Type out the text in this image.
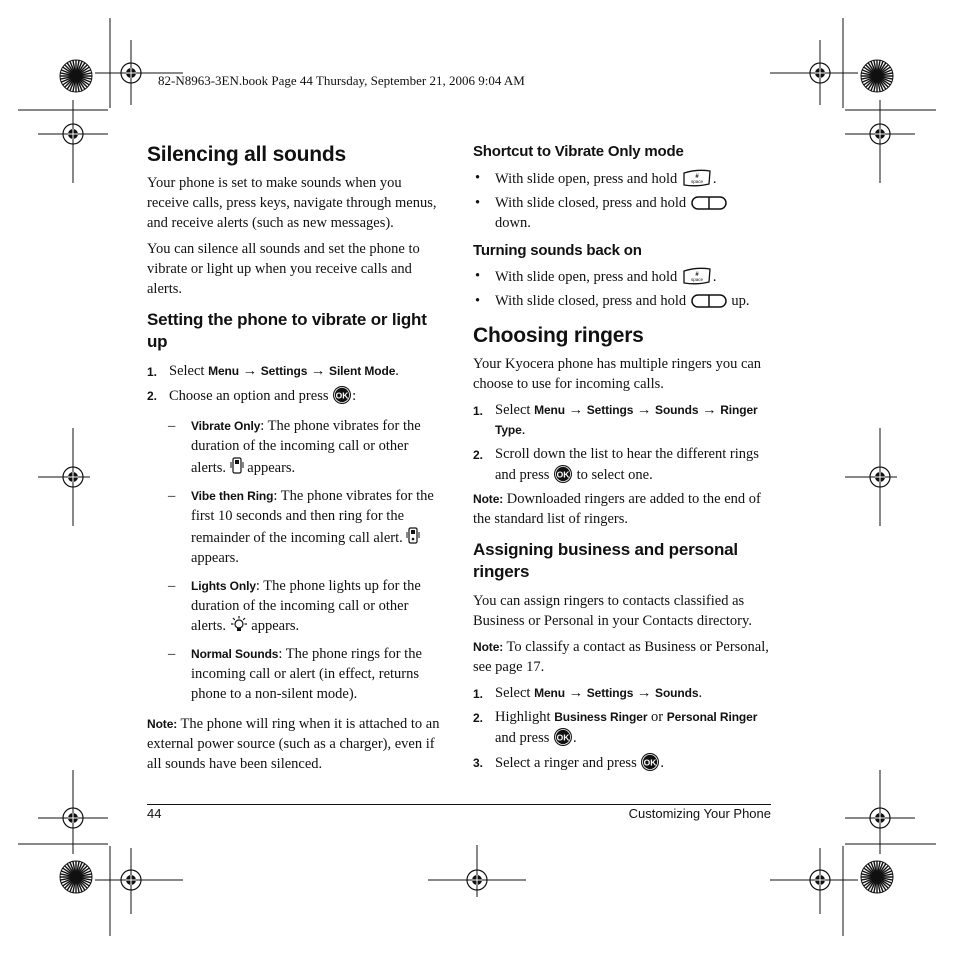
82-N8963-3EN.book Page 44 Thursday, September 21, 2006 9:04 AM
Silencing all sounds

Your phone is set to make sounds when you receive calls, press keys, navigate through menus, and receive alerts (such as new messages).

You can silence all sounds and set the phone to vibrate or light up when you receive calls and alerts.

Setting the phone to vibrate or light up
1. Select Menu → Settings → Silent Mode.
2. Choose an option and press OK :
– Vibrate Only: The phone vibrates for the duration of the incoming call or other alerts.  appears.
– Vibe then Ring: The phone vibrates for the first 10 seconds and then ring for the remainder of the incoming call alert.
appears.
– Lights Only: The phone lights up for the duration of the incoming call or other alerts.  appears.
– Normal Sounds: The phone rings for the incoming call or alert (in effect, returns phone to a non-silent mode).

Note: The phone will ring when it is attached to an external power source (such as a charger), even if all sounds have been silenced.

Shortcut to Vibrate Only mode
• With slide open, press and hold	#
space .
• With slide closed, press and hold
down.
Turning sounds back on
• With slide open, press and hold	#
space .
• With slide closed, press and hold	up.
Choosing ringers

Your Kyocera phone has multiple ringers you can choose to use for incoming calls.

1. Select Menu → Settings → Sounds → Ringer Type.
2. Scroll down the list to hear the different rings and press OK to select one.

Note: Downloaded ringers are added to the end of the standard list of ringers.

Assigning business and personal ringers

You can assign ringers to contacts classified as Business or Personal in your Contacts directory.

Note: To classify a contact as Business or Personal, see page 17.

1. Select Menu → Settings → Sounds.
2. Highlight Business Ringer or Personal Ringer
and press OK .
3. Select a ringer and press OK .
44	Customizing Your Phone
